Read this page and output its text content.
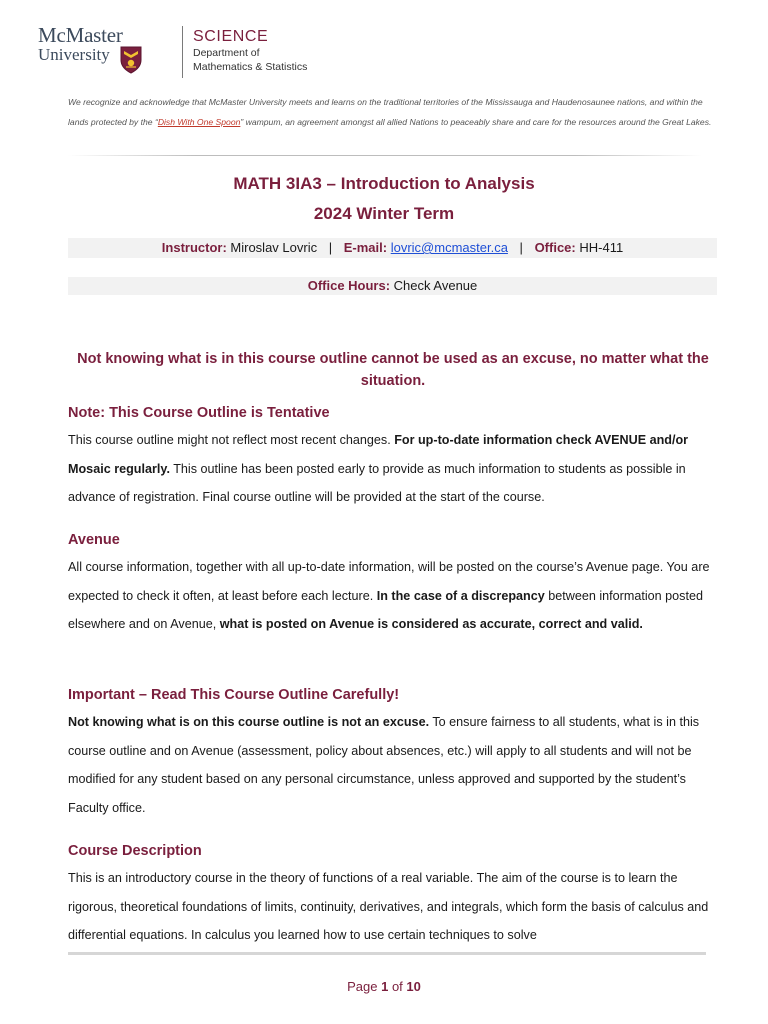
McMaster
University
SCIENCE
Department of
Mathematics & Statistics
We recognize and acknowledge that McMaster University meets and learns on the traditional territories of the Mississauga and Haudenosaunee nations, and within the lands protected by the “Dish With One Spoon” wampum, an agreement amongst all allied Nations to peaceably share and care for the resources around the Great Lakes.
MATH 3IA3 – Introduction to Analysis
2024 Winter Term
Instructor: Miroslav Lovric | E-mail: lovric@mcmaster.ca | Office: HH-411
Office Hours: Check Avenue
Not knowing what is in this course outline cannot be used as an excuse, no matter what the situation.
Note: This Course Outline is Tentative

This course outline might not reflect most recent changes. For up-to-date information check AVENUE and/or Mosaic regularly. This outline has been posted early to provide as much information to students as possible in advance of registration. Final course outline will be provided at the start of the course.

Avenue

All course information, together with all up-to-date information, will be posted on the course’s Avenue page. You are expected to check it often, at least before each lecture. In the case of a discrepancy between information posted elsewhere and on Avenue, what is posted on Avenue is considered as accurate, correct and valid.

Important – Read This Course Outline Carefully!

Not knowing what is on this course outline is not an excuse. To ensure fairness to all students, what is in this course outline and on Avenue (assessment, policy about absences, etc.) will apply to all students and will not be modified for any student based on any personal circumstance, unless approved and supported by the student’s Faculty office.

Course Description

This is an introductory course in the theory of functions of a real variable. The aim of the course is to learn the rigorous, theoretical foundations of limits, continuity, derivatives, and integrals, which form the basis of calculus and differential equations. In calculus you learned how to use certain techniques to solve

Page 1 of 10
